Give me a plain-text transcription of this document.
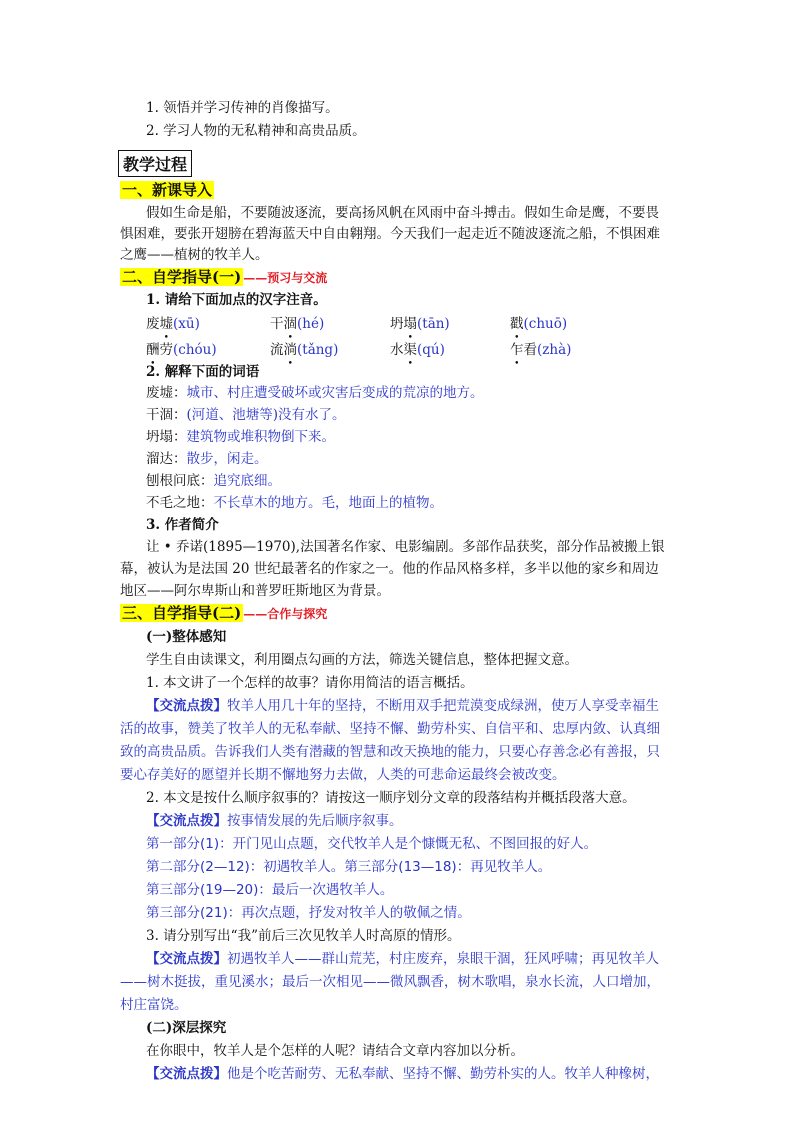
1. 领悟并学习传神的肖像描写。
2. 学习人物的无私精神和高贵品质。
教学过程
一、新课导入
假如生命是船，不要随波逐流，要高扬风帆在风雨中奋斗搏击。假如生命是鹰，不要畏
惧困难，要张开翅膀在碧海蓝天中自由翱翔。今天我们一起走近不随波逐流之船，不惧困难
之鹰——植树的牧羊人。
二、自学指导(一) ——预习与交流
1. 请给下面加点的汉字注音。
废墟(xū)	干涸(hé)	坍塌(tān)	戳(chuō)
酬劳(chóu)	流淌(tǎng)	水渠(qú)	乍看(zhà)
2. 解释下面的词语
废墟：城市、村庄遭受破坏或灾害后变成的荒凉的地方。
干涸：(河道、池塘等)没有水了。
坍塌：建筑物或堆积物倒下来。
溜达：散步，闲走。
刨根问底：追究底细。
不毛之地：不长草木的地方。毛，地面上的植物。
3. 作者简介
让 • 乔诺(1895—1970),法国著名作家、电影编剧。多部作品获奖，部分作品被搬上银
幕，被认为是法国 20 世纪最著名的作家之一。他的作品风格多样，多半以他的家乡和周边
地区——阿尔卑斯山和普罗旺斯地区为背景。
三、自学指导(二) ——合作与探究
(一)整体感知
学生自由读课文，利用圈点勾画的方法，筛选关键信息，整体把握文意。
1. 本文讲了一个怎样的故事？请你用简洁的语言概括。
【交流点拨】牧羊人用几十年的坚持，不断用双手把荒漠变成绿洲，使万人享受幸福生
活的故事，赞美了牧羊人的无私奉献、坚持不懈、勤劳朴实、自信平和、忠厚内敛、认真细
致的高贵品质。告诉我们人类有潜藏的智慧和改天换地的能力，只要心存善念必有善报，只
要心存美好的愿望并长期不懈地努力去做，人类的可悲命运最终会被改变。
2. 本文是按什么顺序叙事的？请按这一顺序划分文章的段落结构并概括段落大意。
【交流点拨】按事情发展的先后顺序叙事。
第一部分(1)：开门见山点题，交代牧羊人是个慷慨无私、不图回报的好人。
第二部分(2—12)：初遇牧羊人。第三部分(13—18)：再见牧羊人。
第三部分(19—20)：最后一次遇牧羊人。
第三部分(21)：再次点题，抒发对牧羊人的敬佩之情。
3. 请分别写出“我”前后三次见牧羊人时高原的情形。
【交流点拨】初遇牧羊人——群山荒芜，村庄废弃，泉眼干涸，狂风呼啸；再见牧羊人
——树木挺拔，重见溪水；最后一次相见——微风飘香，树木歌唱，泉水长流，人口增加，
村庄富饶。
(二)深层探究
在你眼中，牧羊人是个怎样的人呢？请结合文章内容加以分析。
【交流点拨】他是个吃苦耐劳、无私奉献、坚持不懈、勤劳朴实的人。牧羊人种橡树，
